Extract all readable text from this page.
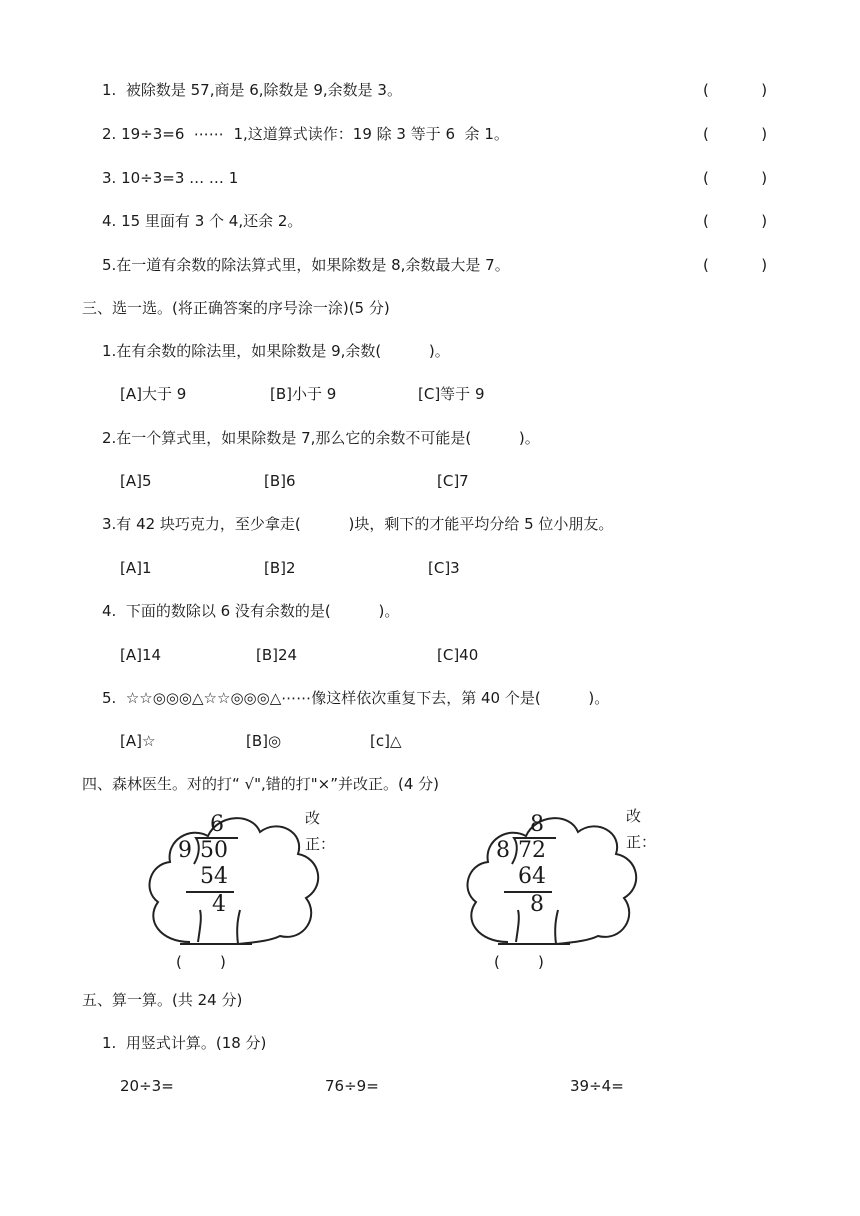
1.  被除数是 57,商是 6,除数是 9,余数是 3。	(           )
2. 19÷3=6  ⋯⋯  1,这道算式读作：19 除 3 等于 6  余 1。	(           )
3. 10÷3=3 … … 1	(           )
4. 15 里面有 3 个 4,还余 2。	(           )
5.在一道有余数的除法算式里，如果除数是 8,余数最大是 7。	(           )
三、选一选。(将正确答案的序号涂一涂)(5 分)
1.在有余数的除法里，如果除数是 9,余数(          )。
[A]大于 9	[B]小于 9	[C]等于 9
2.在一个算式里，如果除数是 7,那么它的余数不可能是(          )。
[A]5	[B]6	[C]7
3.有 42 块巧克力，至少拿走(          )块，剩下的才能平均分给 5 位小朋友。
[A]1	[B]2	[C]3
4.  下面的数除以 6 没有余数的是(          )。
[A]14	[B]24	[C]40
5.  ☆☆◎◎◎△☆☆◎◎◎△⋯⋯像这样依次重复下去，第 40 个是(          )。
[A]☆	[B]◎	[c]△
四、森林医生。对的打“ √",错的打"×”并改正。(4 分)
6
9 50
54
4
(        )
改
正：
8
8 72
64
8
(        )
改
正：
五、算一算。(共 24 分)
1.  用竖式计算。(18 分)
20÷3=	76÷9=	39÷4=
